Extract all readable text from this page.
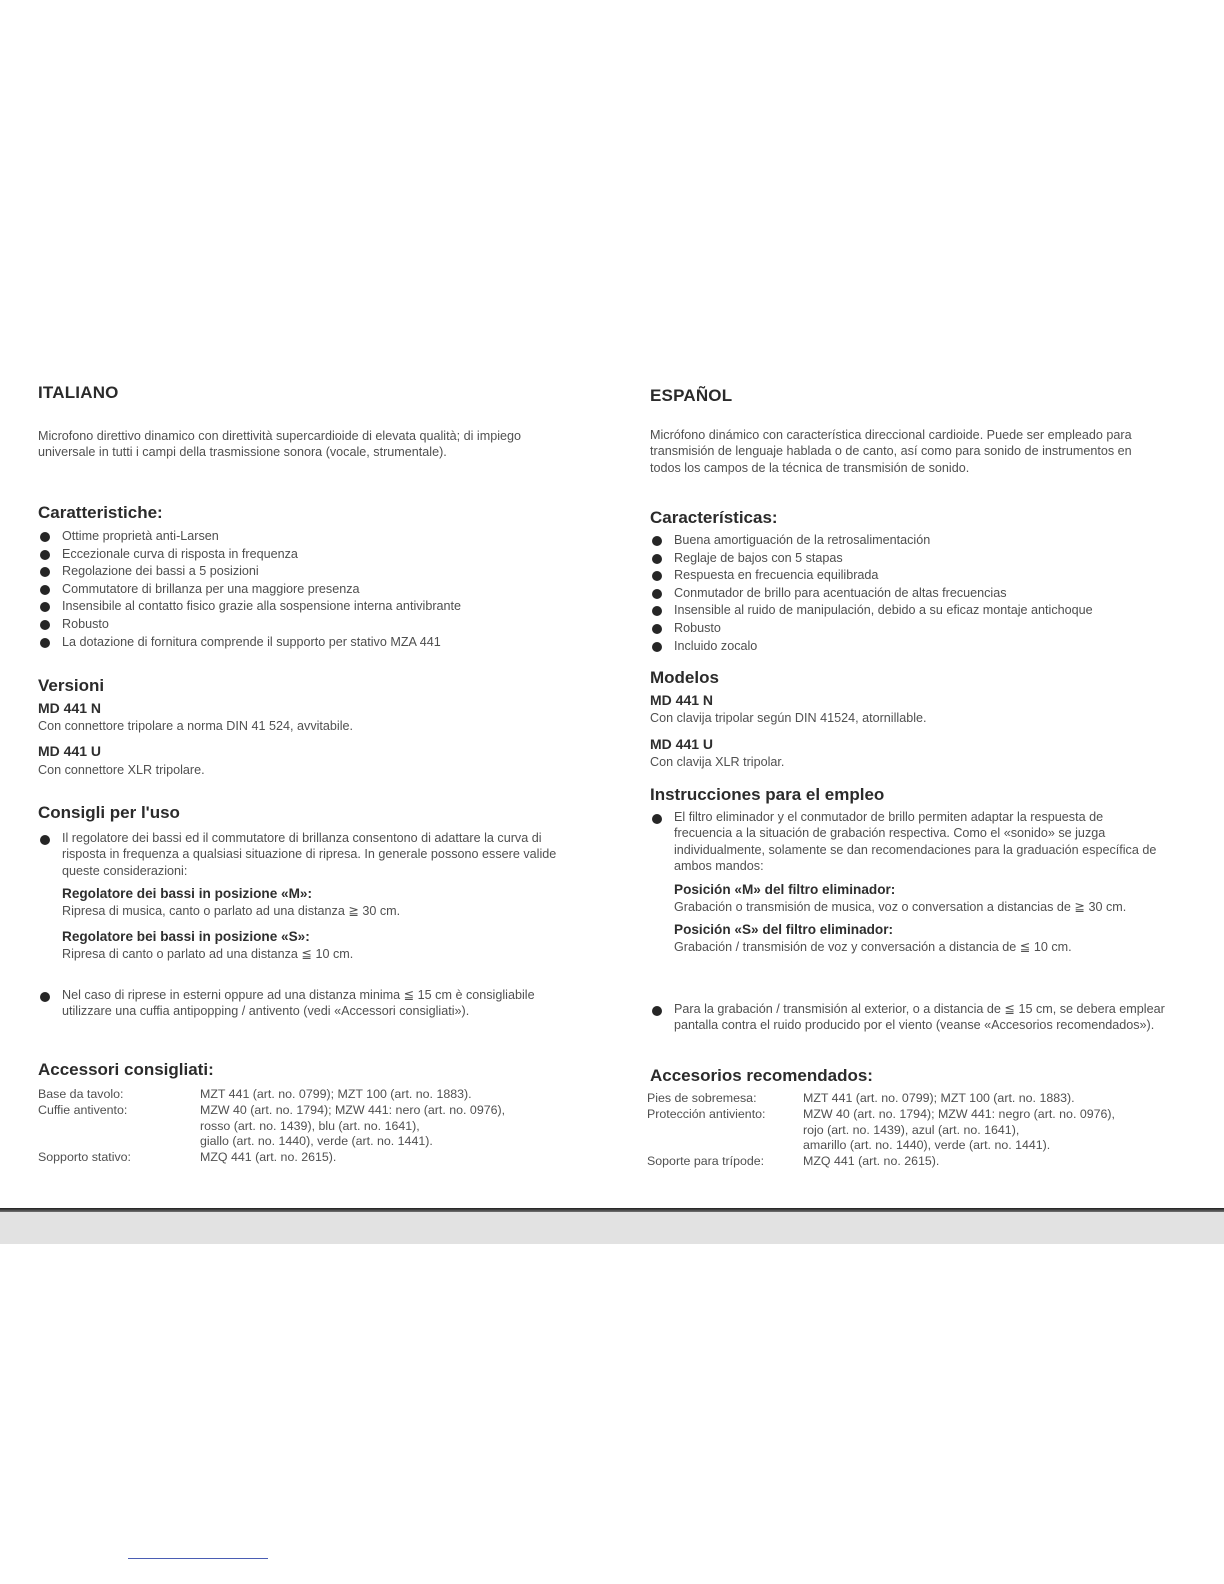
ITALIANO
Microfono direttivo dinamico con direttività supercardioide di elevata qualità; di impiego universale in tutti i campi della trasmissione sonora (vocale, strumentale).
Caratteristiche:
Ottime proprietà anti-Larsen
Eccezionale curva di risposta in frequenza
Regolazione dei bassi a 5 posizioni
Commutatore di brillanza per una maggiore presenza
Insensibile al contatto fisico grazie alla sospensione interna antivibrante
Robusto
La dotazione di fornitura comprende il supporto per stativo MZA 441
Versioni
MD 441 N
Con connettore tripolare a norma DIN 41 524, avvitabile.
MD 441 U
Con connettore XLR tripolare.
Consigli per l'uso
Il regolatore dei bassi ed il commutatore di brillanza consentono di adattare la curva di risposta in frequenza a qualsiasi situazione di ripresa. In generale possono essere valide queste considerazioni:
Regolatore dei bassi in posizione «M»:
Ripresa di musica, canto o parlato ad una distanza ≧ 30 cm.
Regolatore bei bassi in posizione «S»:
Ripresa di canto o parlato ad una distanza ≦ 10 cm.
Nel caso di riprese in esterni oppure ad una distanza minima ≦ 15 cm è consigliabile utilizzare una cuffia antipopping / antivento (vedi «Accessori consigliati»).
Accessori consigliati:
Base da tavolo:	MZT 441 (art. no. 0799); MZT 100 (art. no. 1883).
Cuffie antivento:	MZW 40 (art. no. 1794); MZW 441: nero (art. no. 0976),
rosso (art. no. 1439), blu (art. no. 1641),
giallo (art. no. 1440), verde (art. no. 1441).
Sopporto stativo:	MZQ 441 (art. no. 2615).
ESPAÑOL
Micrófono dinámico con característica direccional cardioide. Puede ser empleado para transmisión de lenguaje hablada o de canto, así como para sonido de instrumentos en todos los campos de la técnica de transmisión de sonido.
Características:
Buena amortiguación de la retrosalimentación
Reglaje de bajos con 5 stapas
Respuesta en frecuencia equilibrada
Conmutador de brillo para acentuación de altas frecuencias
Insensible al ruido de manipulación, debido a su eficaz montaje antichoque
Robusto
Incluido zocalo
Modelos
MD 441 N
Con clavija tripolar según DIN 41524, atornillable.
MD 441 U
Con clavija XLR tripolar.
Instrucciones para el empleo
El filtro eliminador y el conmutador de brillo permiten adaptar la respuesta de frecuencia a la situación de grabación respectiva. Como el «sonido» se juzga individualmente, solamente se dan recomendaciones para la graduación específica de ambos mandos:
Posición «M» del filtro eliminador:
Grabación o transmisión de musica, voz o conversation a distancias de ≧ 30 cm.
Posición «S» del filtro eliminador:
Grabación / transmisión de voz y conversación a distancia de ≦ 10 cm.
Para la grabación / transmisión al exterior, o a distancia de ≦ 15 cm, se debera emplear pantalla contra el ruido producido por el viento (veanse «Accesorios recomendados»).
Accesorios recomendados:
Pies de sobremesa:	MZT 441 (art. no. 0799); MZT 100 (art. no. 1883).
Protección antiviento:	MZW 40 (art. no. 1794); MZW 441: negro (art. no. 0976),
rojo (art. no. 1439), azul (art. no. 1641),
amarillo (art. no. 1440), verde (art. no. 1441).
Soporte para trípode:	MZQ 441 (art. no. 2615).
